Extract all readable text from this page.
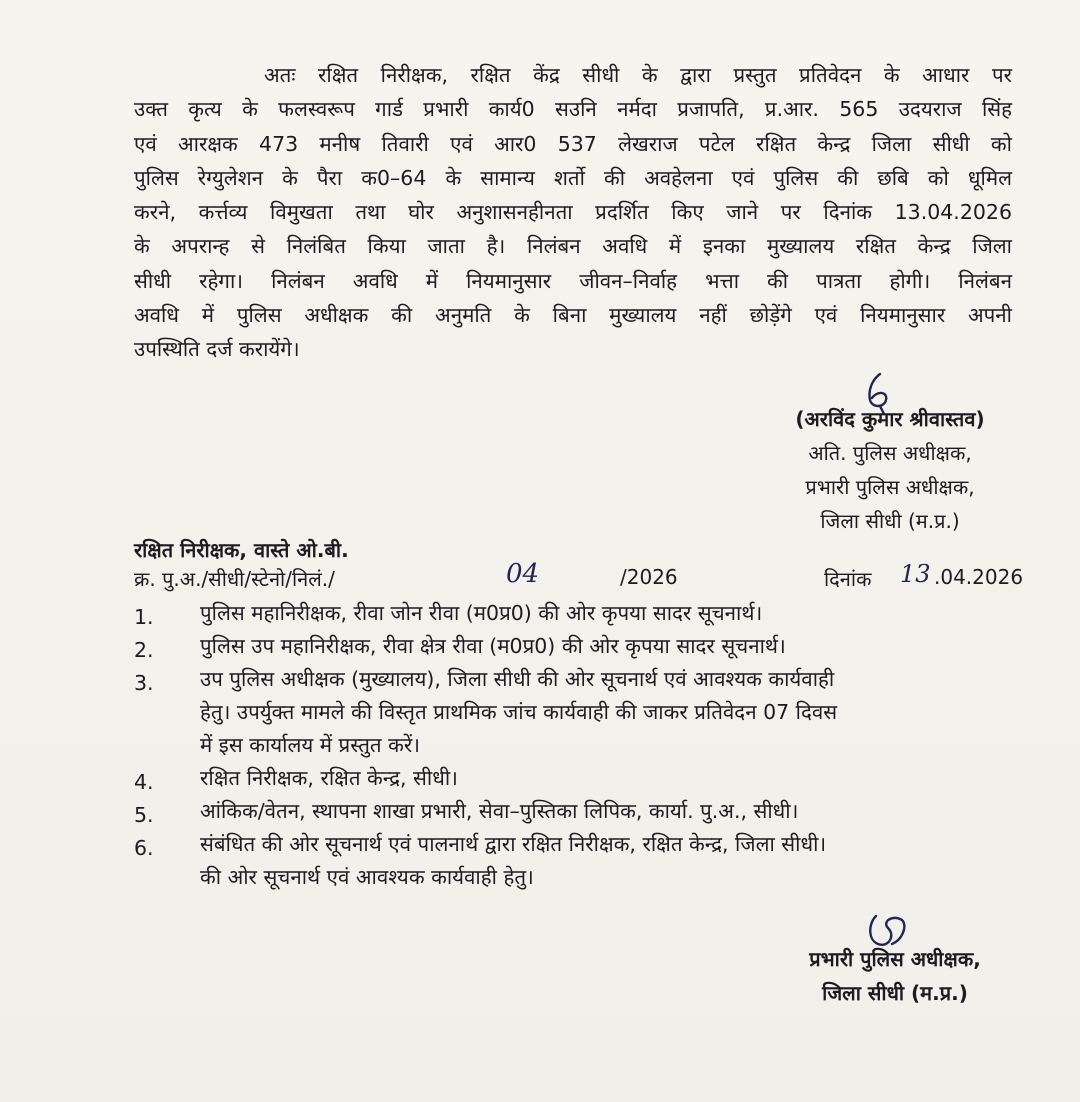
अतः रक्षित निरीक्षक, रक्षित केंद्र सीधी के द्वारा प्रस्तुत प्रतिवेदन के आधार पर
उक्त कृत्य के फलस्वरूप गार्ड प्रभारी कार्य0 सउनि नर्मदा प्रजापति, प्र.आर. 565 उदयराज सिंह
एवं आरक्षक 473 मनीष तिवारी एवं आर0 537 लेखराज पटेल रक्षित केन्द्र जिला सीधी को
पुलिस रेग्युलेशन के पैरा क0–64 के सामान्य शर्तो की अवहेलना एवं पुलिस की छबि को धूमिल
करने, कर्त्तव्य विमुखता तथा घोर अनुशासनहीनता प्रदर्शित किए जाने पर दिनांक 13.04.2026
के अपरान्ह से निलंबित किया जाता है। निलंबन अवधि में इनका मुख्यालय रक्षित केन्द्र जिला
सीधी रहेगा। निलंबन अवधि में नियमानुसार जीवन–निर्वाह भत्ता की पात्रता होगी। निलंबन
अवधि में पुलिस अधीक्षक की अनुमति के बिना मुख्यालय नहीं छोड़ेंगे एवं नियमानुसार अपनी
उपस्थिति दर्ज करायेंगे।
(अरविंद कुमार श्रीवास्तव)
अति. पुलिस अधीक्षक,
प्रभारी पुलिस अधीक्षक,
जिला सीधी (म.प्र.)
रक्षित निरीक्षक, वास्ते ओ.बी.
क्र. पु.अ./सीधी/स्टेनो/निलं./	04	/2026	दिनांक 13 .04.2026
1.	पुलिस महानिरीक्षक, रीवा जोन रीवा (म0प्र0) की ओर कृपया सादर सूचनार्थ।
2.	पुलिस उप महानिरीक्षक, रीवा क्षेत्र रीवा (म0प्र0) की ओर कृपया सादर सूचनार्थ।
3.	उप पुलिस अधीक्षक (मुख्यालय), जिला सीधी की ओर सूचनार्थ एवं आवश्यक कार्यवाही
हेतु। उपर्युक्त मामले की विस्तृत प्राथमिक जांच कार्यवाही की जाकर प्रतिवेदन 07 दिवस
में इस कार्यालय में प्रस्तुत करें।
4.	रक्षित निरीक्षक, रक्षित केन्द्र, सीधी।
5.	आंकिक/वेतन, स्थापना शाखा प्रभारी, सेवा–पुस्तिका लिपिक, कार्या. पु.अ., सीधी।
6.	संबंधित की ओर सूचनार्थ एवं पालनार्थ द्वारा रक्षित निरीक्षक, रक्षित केन्द्र, जिला सीधी।
की ओर सूचनार्थ एवं आवश्यक कार्यवाही हेतु।
प्रभारी पुलिस अधीक्षक,
जिला सीधी (म.प्र.)
